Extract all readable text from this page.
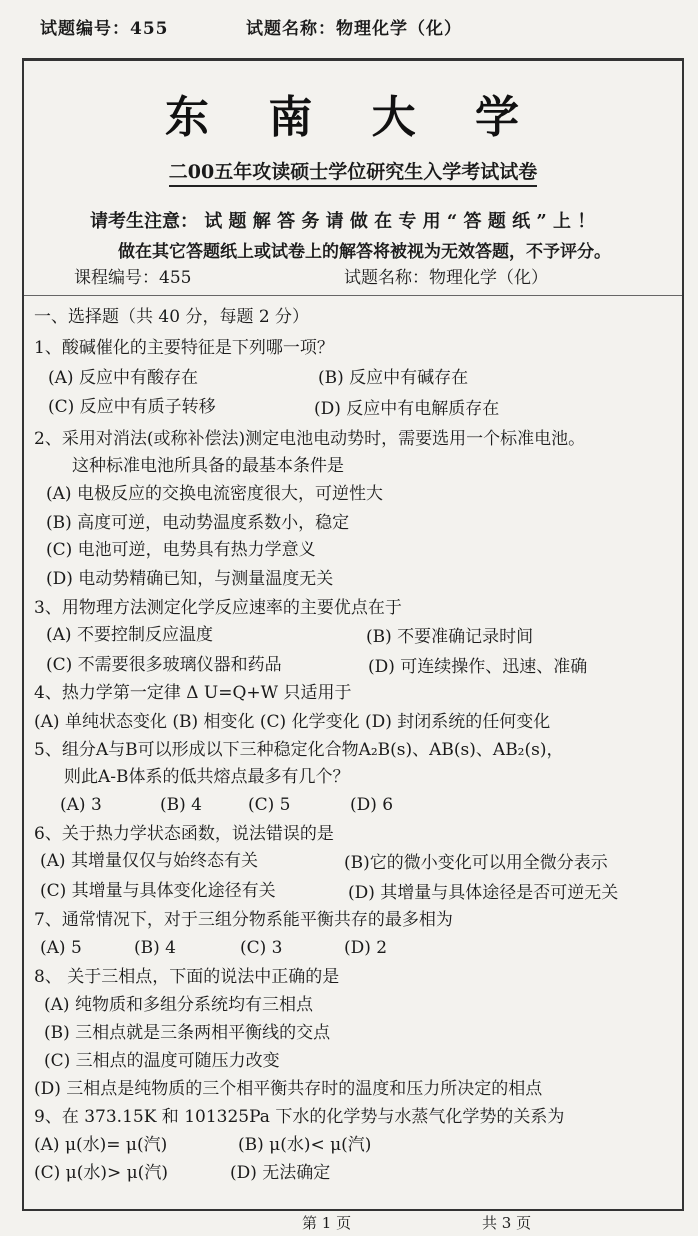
试题编号：455	试题名称：物理化学（化）
东 南 大 学
二00五年攻读硕士学位研究生入学考试试卷
请考生注意： 试 题 解 答 务 请 做 在 专 用 “ 答 题 纸 ” 上 ！
做在其它答题纸上或试卷上的解答将被视为无效答题，不予评分。
课程编号：455	试题名称：物理化学（化）
一、选择题（共 40 分，每题 2 分）
1、酸碱催化的主要特征是下列哪一项？
(A) 反应中有酸存在	(B) 反应中有碱存在
(C) 反应中有质子转移	(D) 反应中有电解质存在
2、采用对消法(或称补偿法)测定电池电动势时，需要选用一个标准电池。
这种标准电池所具备的最基本条件是
(A) 电极反应的交换电流密度很大，可逆性大
(B) 高度可逆，电动势温度系数小，稳定
(C) 电池可逆，电势具有热力学意义
(D) 电动势精确已知，与测量温度无关
3、用物理方法测定化学反应速率的主要优点在于
(A) 不要控制反应温度	(B) 不要准确记录时间
(C) 不需要很多玻璃仪器和药品	(D) 可连续操作、迅速、准确
4、热力学第一定律 Δ U=Q+W 只适用于
(A) 单纯状态变化 (B) 相变化 (C) 化学变化 (D) 封闭系统的任何变化
5、组分A与B可以形成以下三种稳定化合物A₂B(s)、AB(s)、AB₂(s)，
则此A-B体系的低共熔点最多有几个？
(A) 3	(B) 4	(C) 5	(D) 6
6、关于热力学状态函数，说法错误的是
(A) 其增量仅仅与始终态有关	(B)它的微小变化可以用全微分表示
(C) 其增量与具体变化途径有关	(D) 其增量与具体途径是否可逆无关
7、通常情况下，对于三组分物系能平衡共存的最多相为
(A) 5	(B) 4	(C) 3	(D) 2
8、 关于三相点，下面的说法中正确的是
(A) 纯物质和多组分系统均有三相点
(B) 三相点就是三条两相平衡线的交点
(C) 三相点的温度可随压力改变
(D) 三相点是纯物质的三个相平衡共存时的温度和压力所决定的相点
9、在 373.15K 和 101325Pa 下水的化学势与水蒸气化学势的关系为
(A) μ(水)= μ(汽)	(B) μ(水)< μ(汽)
(C) μ(水)> μ(汽)	(D) 无法确定
第 1 页	共 3 页
